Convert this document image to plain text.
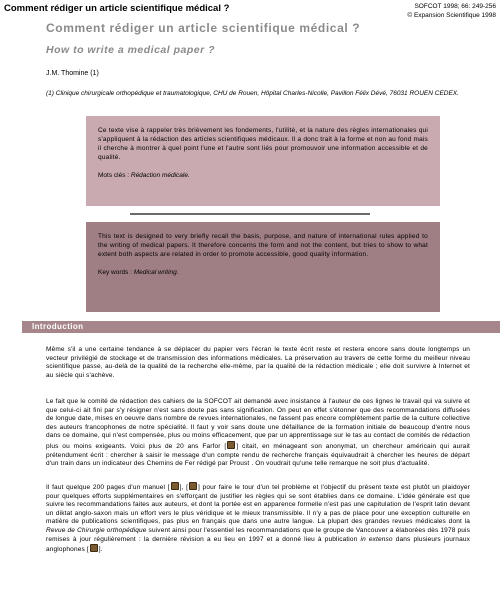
Comment rédiger un article scientifique médical ?	SOFCOT 1998; 66: 249-256
© Expansion Scientifique 1998
Comment rédiger un article scientifique médical ?
How to write a medical paper ?
J.M. Thomine (1)
(1) Clinique chirurgicale orthopédique et traumatologique, CHU de Rouen, Hôpital Charles-Nicolle, Pavillon Félix Dévé, 76031 ROUEN CEDEX.
Ce texte vise à rappeler très brièvement les fondements, l'utilité, et la nature des règles internationales qui s'appliquent à la rédaction des articles scientifiques médicaux. Il a donc trait à la forme et non au fond mais il cherche à montrer à quel point l'une et l'autre sont liés pour promouvoir une information accessible et de qualité.
Mots clés : Rédaction médicale.
This text is designed to very briefly recall the basis, purpose, and nature of international rules applied to the writing of medical papers. It therefore concerns the form and not the content, but tries to show to what extent both aspects are related in order to promote accessible, good quality information.
Key words : Medical writing.
Introduction
Même s'il a une certaine tendance à se déplacer du papier vers l'écran le texte écrit reste et restera encore sans doute longtemps un vecteur privilégié de stockage et de transmission des informations médicales. La préservation au travers de cette forme du meilleur niveau scientifique passe, au-delà de la qualité de la recherche elle-même, par la qualité de la rédaction médicale ; elle doit survivre à Internet et au siècle qui s'achève.
Le fait que le comité de rédaction des cahiers de la SOFCOT ait demandé avec insistance à l'auteur de ces lignes le travail qui va suivre et que celui-ci ait fini par s'y résigner n'est sans doute pas sans signification. On peut en effet s'étonner que des recommandations diffusées de longue date, mises en oeuvre dans nombre de revues internationales, ne fassent pas encore complètement partie de la culture collective des auteurs francophones de notre spécialité. Il faut y voir sans doute une défaillance de la formation initiale de beaucoup d'entre nous dans ce domaine, qui n'est compensée, plus ou moins efficacement, que par un apprentissage sur le tas au contact de comités de rédaction plus ou moins exigeants. Voici plus de 20 ans Farfor [ ] citait, en ménageant son anonymat, un chercheur américain qui aurait prétendument écrit : chercher à saisir le message d'un compte rendu de recherche français équivaudrait à chercher les heures de départ d'un train dans un indicateur des Chemins de Fer rédigé par Proust . On voudrait qu'une telle remarque ne soit plus d'actualité.
Il faut quelque 200 pages d'un manuel [ ], [ ] pour faire le tour d'un tel problème et l'objectif du présent texte est plutôt un plaidoyer pour quelques efforts supplémentaires en s'efforçant de justifier les règles qui se sont établies dans ce domaine. L'idée générale est que suivre les recommandations faites aux auteurs, et dont la portée est en apparence formelle n'est pas une capitulation de l'esprit latin devant un diktat anglo-saxon mais un effort vers le plus véridique et le mieux transmissible. Il n'y a pas de place pour une exception culturelle en matière de publications scientifiques, pas plus en français que dans une autre langue. La plupart des grandes revues médicales dont la Revue de Chirurgie orthopédique suivent ainsi pour l'essentiel les recommandations que le groupe de Vancouver a élaborées dès 1978 puis remises à jour régulièrement : la dernière révision a eu lieu en 1997 et a donné lieu à publication in extenso dans plusieurs journaux anglophones [ ].
